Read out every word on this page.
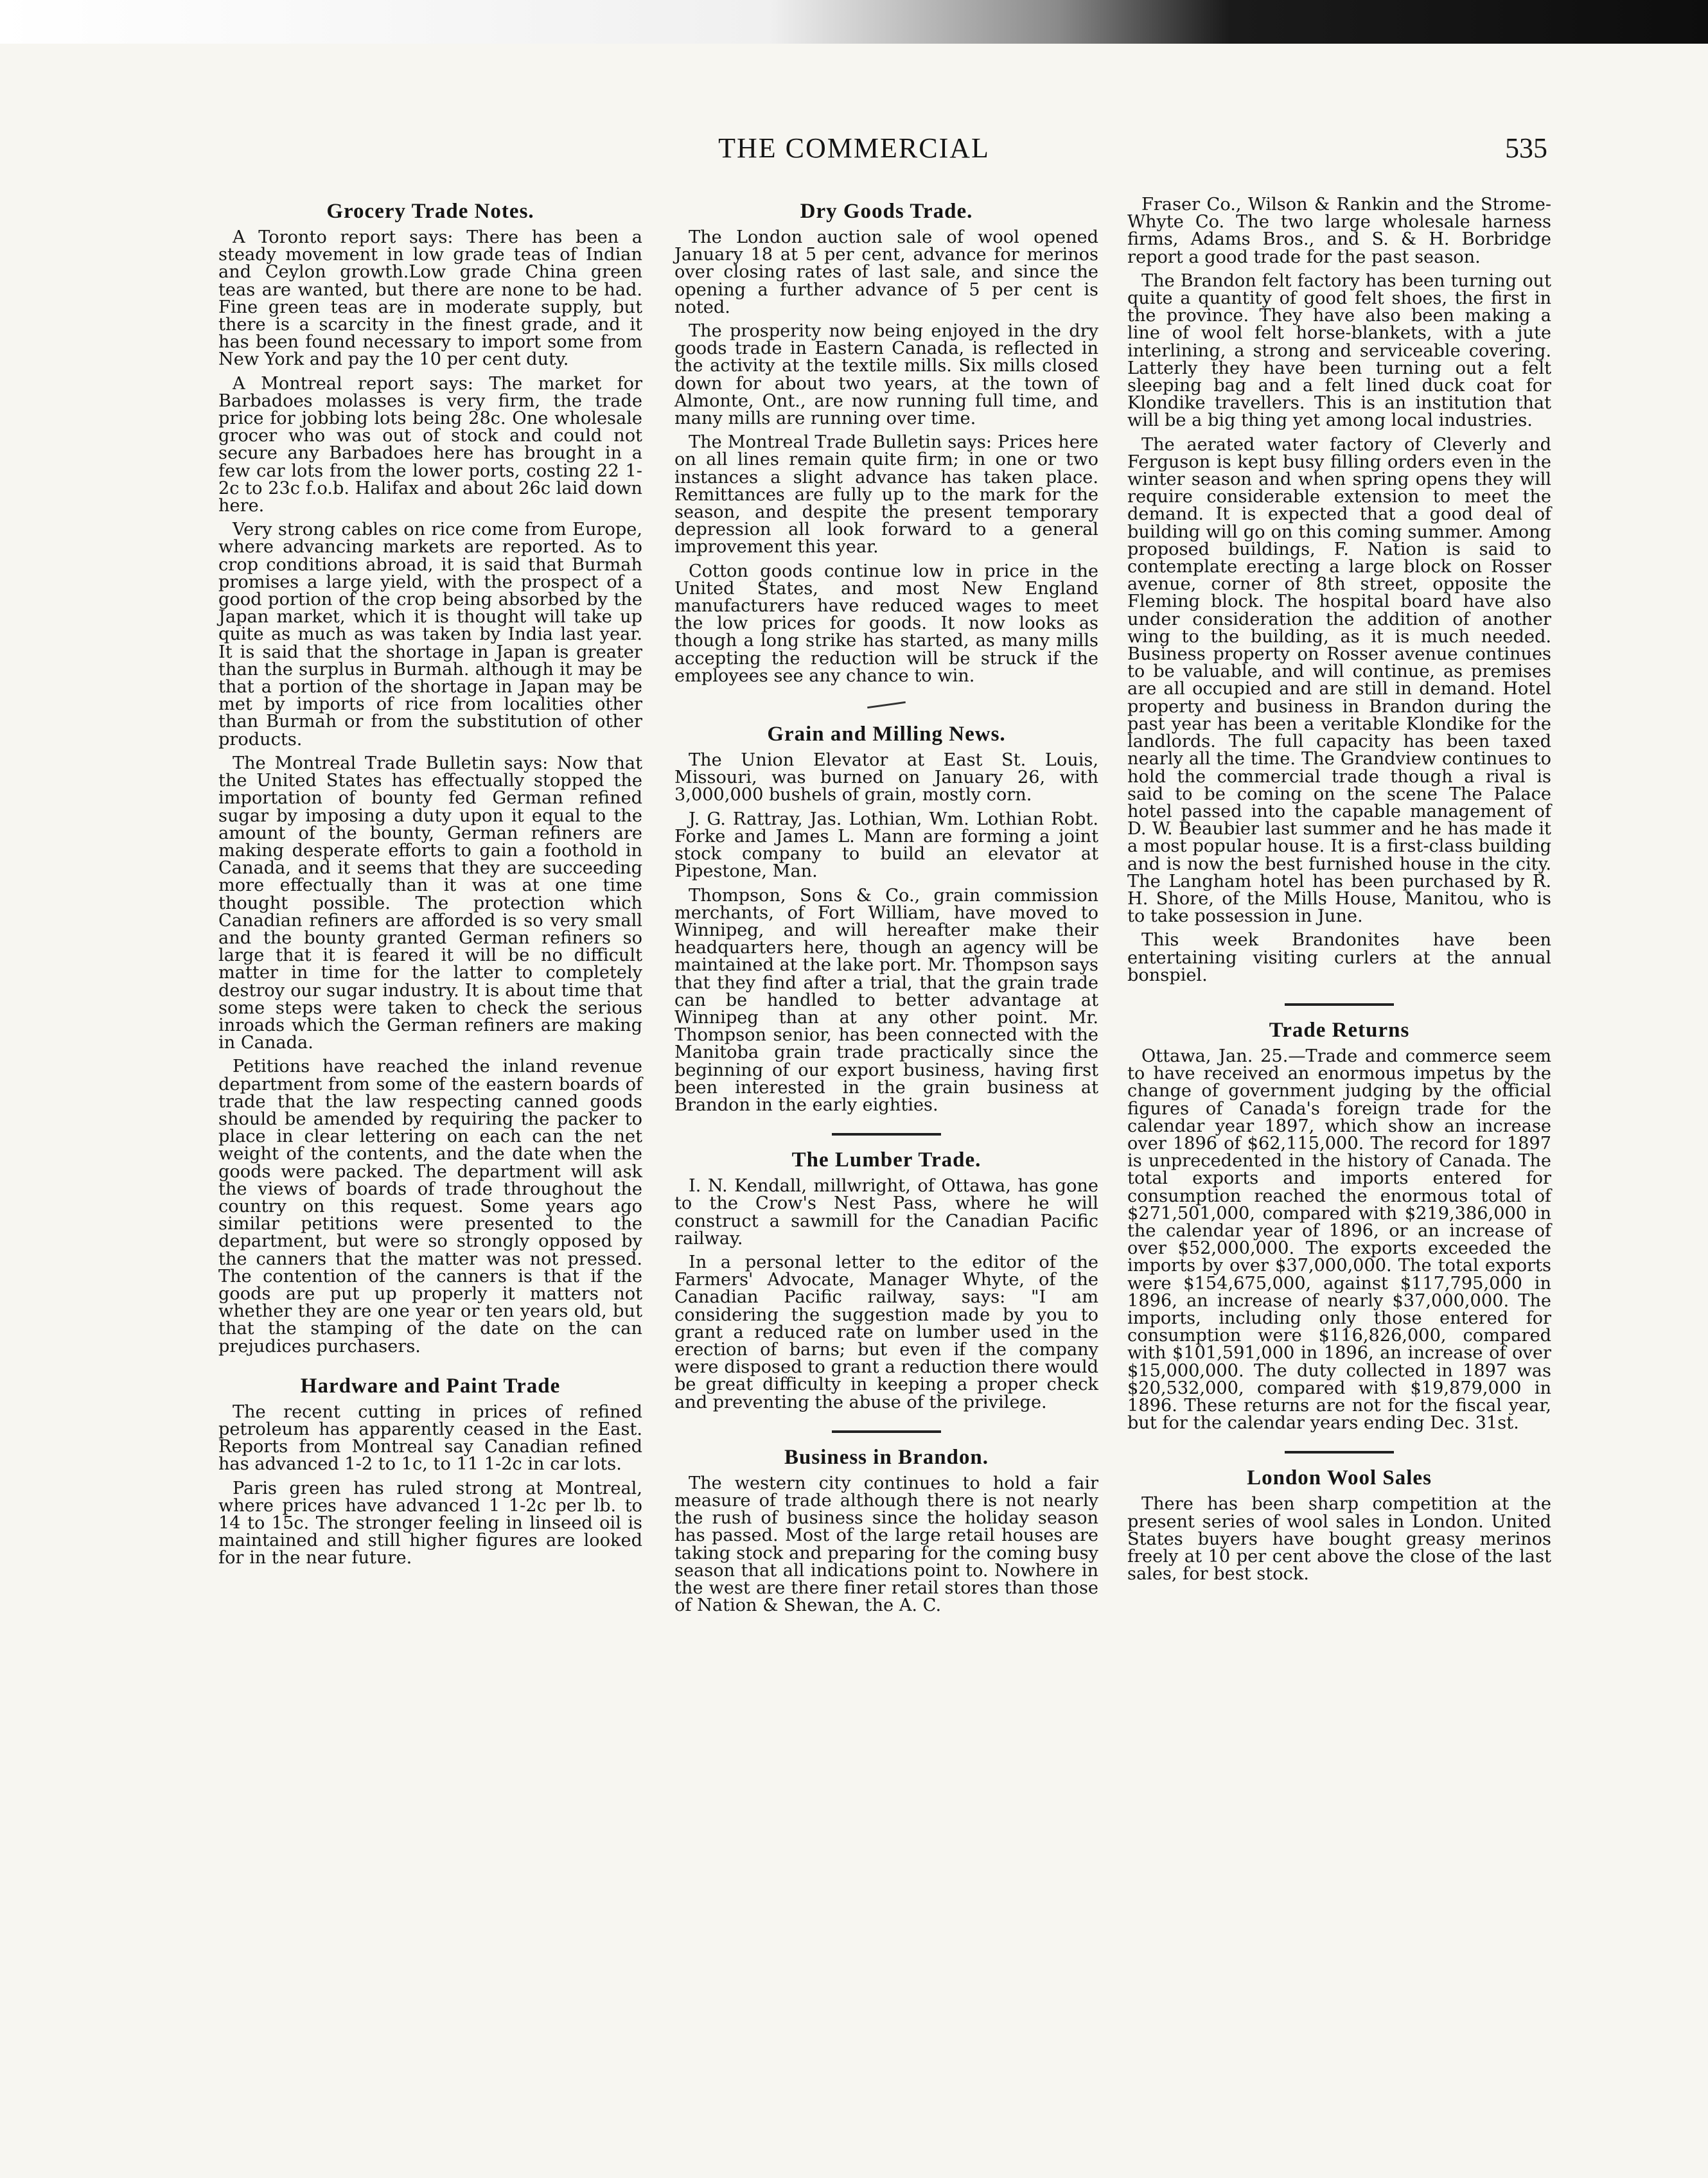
THE COMMERCIAL	535
Grocery Trade Notes.

A Toronto report says: There has been a steady movement in low grade teas of Indian and Ceylon growth.Low grade China green teas are wanted, but there are none to be had. Fine green teas are in moderate supply, but there is a scarcity in the finest grade, and it has been found necessary to import some from New York and pay the 10 per cent duty.

A Montreal report says: The market for Barbadoes molasses is very firm, the trade price for jobbing lots being 28c. One wholesale grocer who was out of stock and could not secure any Barbadoes here has brought in a few car lots from the lower ports, costing 22 1-2c to 23c f.o.b. Halifax and about 26c laid down here.

Very strong cables on rice come from Europe, where advancing markets are reported. As to crop conditions abroad, it is said that Burmah promises a large yield, with the prospect of a good portion of the crop being absorbed by the Japan market, which it is thought will take up quite as much as was taken by India last year. It is said that the shortage in Japan is greater than the surplus in Burmah. although it may be that a portion of the shortage in Japan may be met by imports of rice from localities other than Burmah or from the substitution of other products.

The Montreal Trade Bulletin says: Now that the United States has effectually stopped the importation of bounty fed German refined sugar by imposing a duty upon it equal to the amount of the bounty, German refiners are making desperate efforts to gain a foothold in Canada, and it seems that they are succeeding more effectually than it was at one time thought possible. The protection which Canadian refiners are afforded is so very small and the bounty granted German refiners so large that it is feared it will be no difficult matter in time for the latter to completely destroy our sugar industry. It is about time that some steps were taken to check the serious inroads which the German refiners are making in Canada.

Petitions have reached the inland revenue department from some of the eastern boards of trade that the law respecting canned goods should be amended by requiring the packer to place in clear lettering on each can the net weight of the contents, and the date when the goods were packed. The department will ask the views of boards of trade throughout the country on this request. Some years ago similar petitions were presented to the department, but were so strongly opposed by the canners that the matter was not pressed. The contention of the canners is that if the goods are put up properly it matters not whether they are one year or ten years old, but that the stamping of the date on the can prejudices purchasers.

Hardware and Paint Trade

The recent cutting in prices of refined petroleum has apparently ceased in the East. Reports from Montreal say Canadian refined has advanced 1-2 to 1c, to 11 1-2c in car lots.

Paris green has ruled strong at Montreal, where prices have advanced 1 1-2c per lb. to 14 to 15c. The stronger feeling in linseed oil is maintained and still higher figures are looked for in the near future.

Dry Goods Trade.

The London auction sale of wool opened January 18 at 5 per cent, advance for merinos over closing rates of last sale, and since the opening a further advance of 5 per cent is noted.

The prosperity now being enjoyed in the dry goods trade in Eastern Canada, is reflected in the activity at the textile mills. Six mills closed down for about two years, at the town of Almonte, Ont., are now running full time, and many mills are running over time.

The Montreal Trade Bulletin says: Prices here on all lines remain quite firm; in one or two instances a slight advance has taken place. Remittances are fully up to the mark for the season, and despite the present temporary depression all look forward to a general improvement this year.

Cotton goods continue low in price in the United States, and most New England manufacturers have reduced wages to meet the low prices for goods. It now looks as though a long strike has started, as many mills accepting the reduction will be struck if the employees see any chance to win.

Grain and Milling News.

The Union Elevator at East St. Louis, Missouri, was burned on January 26, with 3,000,000 bushels of grain, mostly corn.

J. G. Rattray, Jas. Lothian, Wm. Lothian Robt. Forke and James L. Mann are forming a joint stock company to build an elevator at Pipestone, Man.

Thompson, Sons & Co., grain commission merchants, of Fort William, have moved to Winnipeg, and will hereafter make their headquarters here, though an agency will be maintained at the lake port. Mr. Thompson says that they find after a trial, that the grain trade can be handled to better advantage at Winnipeg than at any other point. Mr. Thompson senior, has been connected with the Manitoba grain trade practically since the beginning of our export business, having first been interested in the grain business at Brandon in the early eighties.

The Lumber Trade.

I. N. Kendall, millwright, of Ottawa, has gone to the Crow's Nest Pass, where he will construct a sawmill for the Canadian Pacific railway.

In a personal letter to the editor of the Farmers' Advocate, Manager Whyte, of the Canadian Pacific railway, says: "I am considering the suggestion made by you to grant a reduced rate on lumber used in the erection of barns; but even if the company were disposed to grant a reduction there would be great difficulty in keeping a proper check and preventing the abuse of the privilege.

Business in Brandon.

The western city continues to hold a fair measure of trade although there is not nearly the rush of business since the holiday season has passed. Most of the large retail houses are taking stock and preparing for the coming busy season that all indications point to. Nowhere in the west are there finer retail stores than those of Nation & Shewan, the A. C.

Fraser Co., Wilson & Rankin and the Strome-Whyte Co. The two large wholesale harness firms, Adams Bros., and S. & H. Borbridge report a good trade for the past season.

The Brandon felt factory has been turning out quite a quantity of good felt shoes, the first in the province. They have also been making a line of wool felt horse-blankets, with a jute interlining, a strong and serviceable covering. Latterly they have been turning out a felt sleeping bag and a felt lined duck coat for Klondike travellers. This is an institution that will be a big thing yet among local industries.

The aerated water factory of Cleverly and Ferguson is kept busy filling orders even in the winter season and when spring opens they will require considerable extension to meet the demand. It is expected that a good deal of building will go on this coming summer. Among proposed buildings, F. Nation is said to contemplate erecting a large block on Rosser avenue, corner of 8th street, opposite the Fleming block. The hospital board have also under consideration the addition of another wing to the building, as it is much needed. Business property on Rosser avenue continues to be valuable, and will continue, as premises are all occupied and are still in demand. Hotel property and business in Brandon during the past year has been a veritable Klondike for the landlords. The full capacity has been taxed nearly all the time. The Grandview continues to hold the commercial trade though a rival is said to be coming on the scene The Palace hotel passed into the capable management of D. W. Beaubier last summer and he has made it a most popular house. It is a first-class building and is now the best furnished house in the city. The Langham hotel has been purchased by R. H. Shore, of the Mills House, Manitou, who is to take possession in June.

This week Brandonites have been entertaining visiting curlers at the annual bonspiel.

Trade Returns

Ottawa, Jan. 25.—Trade and commerce seem to have received an enormous impetus by the change of government judging by the official figures of Canada's foreign trade for the calendar year 1897, which show an increase over 1896 of $62,115,000. The record for 1897 is unprecedented in the history of Canada. The total exports and imports entered for consumption reached the enormous total of $271,501,000, compared with $219,386,000 in the calendar year of 1896, or an increase of over $52,000,000. The exports exceeded the imports by over $37,000,000. The total exports were $154,675,000, against $117,795,000 in 1896, an increase of nearly $37,000,000. The imports, including only those entered for consumption were $116,826,000, compared with $101,591,000 in 1896, an increase of over $15,000,000. The duty collected in 1897 was $20,532,000, compared with $19,879,000 in 1896. These returns are not for the fiscal year, but for the calendar years ending Dec. 31st.

London Wool Sales

There has been sharp competition at the present series of wool sales in London. United States buyers have bought greasy merinos freely at 10 per cent above the close of the last sales, for best stock.
